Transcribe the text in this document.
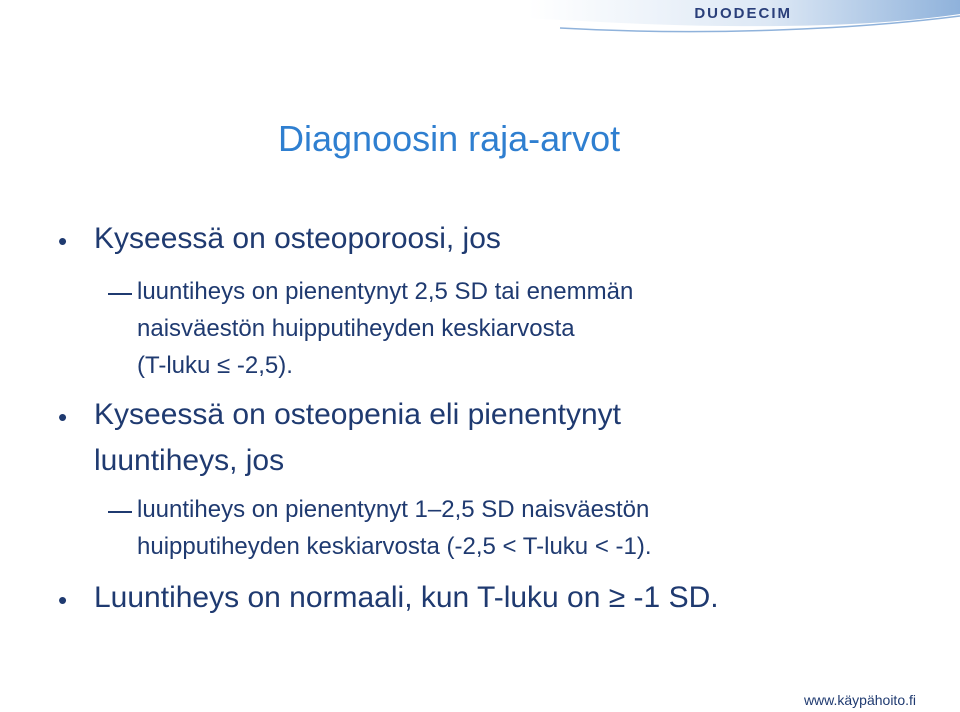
DUODECIM
Diagnoosin raja-arvot
• Kyseessä on osteoporoosi, jos
luuntiheys on pienentynyt 2,5 SD tai enemmän
naisväestön huipputiheyden keskiarvosta
(T-luku ≤ -2,5).
• Kyseessä on osteopenia eli pienentynyt
luuntiheys, jos
luuntiheys on pienentynyt 1–2,5 SD naisväestön
huipputiheyden keskiarvosta (-2,5 < T-luku < -1).
• Luuntiheys on normaali, kun T-luku on ≥ -1 SD.
www.käypähoito.fi
